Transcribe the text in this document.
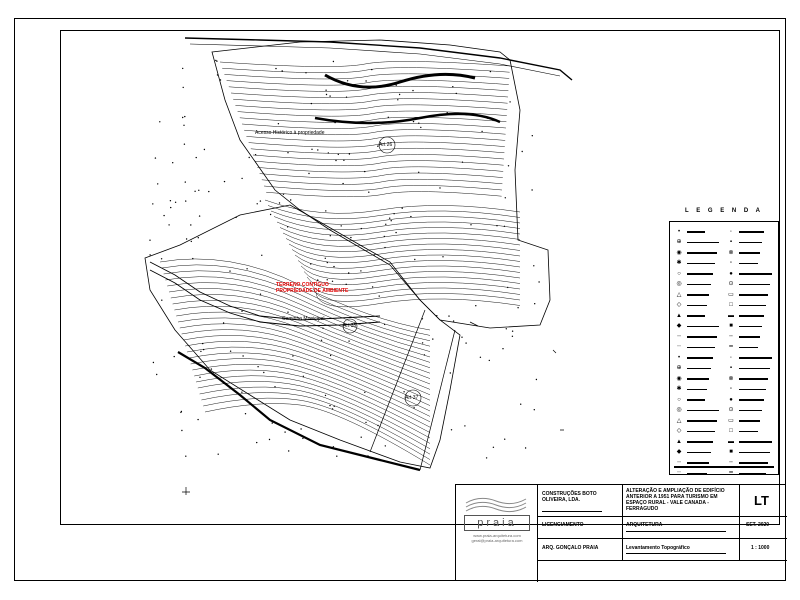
Acesso Histórico à propriedade
TERRENO CONTÍGUO PROPRIEDADE DE AMBIENTE
Caminho Municipal
Art 26
Art 35
Art 37
L E G E N D A
•	◦
⊕	▪
◉	⊗
✱	▫
○	●
◎	⊙
△	▭
◇	□
▲	▬
◆	■
┄	╌
┈	━
•	◦
⊕	▪
◉	⊗
✱	▫
○	●
◎	⊙
△	▭
◇	□
▲	▬
◆	■
┄	╌
┈	━
praia
www.praia-arquitetura.com
geral@praia-arquitetura.com
CONSTRUÇÕES BOTO OLIVEIRA, LDA.
ALTERAÇÃO E AMPLIAÇÃO DE EDIFÍCIO ANTERIOR A 1951 PARA TURISMO EM ESPAÇO RURAL - VALE CANADA - FERRAGUDO
LT
LICENCIAMENTO	ARQUITETURA	SET. 2020
ARQ. GONÇALO PRAIA	Levantamento Topográfico	1 : 1000
